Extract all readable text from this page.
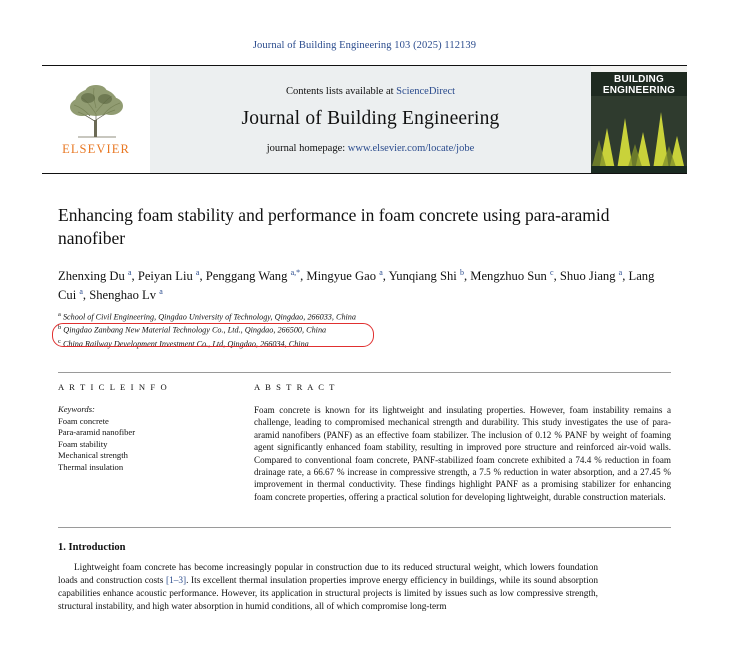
Journal of Building Engineering 103 (2025) 112139
ELSEVIER
Contents lists available at ScienceDirect
Journal of Building Engineering
journal homepage: www.elsevier.com/locate/jobe
BUILDING
ENGINEERING
Enhancing foam stability and performance in foam concrete using para-aramid nanofiber
Zhenxing Du $^a$, Peiyan Liu $^a$, Penggang Wang $^{a,*}$, Mingyue Gao $^a$, Yunqiang Shi $^b$, Mengzhuo Sun $^c$, Shuo Jiang $^a$, Lang Cui $^a$, Shenghao Lv $^a$
$^a$ School of Civil Engineering, Qingdao University of Technology, Qingdao, 266033, China
$^b$ Qingdao Zanbang New Material Technology Co., Ltd., Qingdao, 266500, China
$^c$ China Railway Development Investment Co., Ltd, Qingdao, 266034, China
A R T I C L E I N F O
Keywords:
Foam concrete
Para-aramid nanofiber
Foam stability
Mechanical strength
Thermal insulation
A B S T R A C T
Foam concrete is known for its lightweight and insulating properties. However, foam instability remains a challenge, leading to compromised mechanical strength and durability. This study investigates the use of para-aramid nanofibers (PANF) as an effective foam stabilizer. The inclusion of 0.12 % PANF by weight of foaming agent significantly enhanced foam stability, resulting in improved pore structure and reinforced air-void walls. Compared to conventional foam concrete, PANF-stabilized foam concrete exhibited a 74.4 % reduction in foam drainage rate, a 66.67 % increase in compressive strength, a 7.5 % reduction in water absorption, and a 27.45 % improvement in thermal conductivity. These findings highlight PANF as a promising stabilizer for enhancing foam concrete properties, offering a practical solution for developing lightweight, durable construction materials.
1. Introduction

Lightweight foam concrete has become increasingly popular in construction due to its reduced structural weight, which lowers foundation loads and construction costs [1–3]. Its excellent thermal insulation properties improve energy efficiency in buildings, while its sound absorption capabilities enhance acoustic performance. However, its application in structural projects is limited by issues such as low compressive strength, structural instability, and high water absorption in humid conditions, all of which compromise long-term
